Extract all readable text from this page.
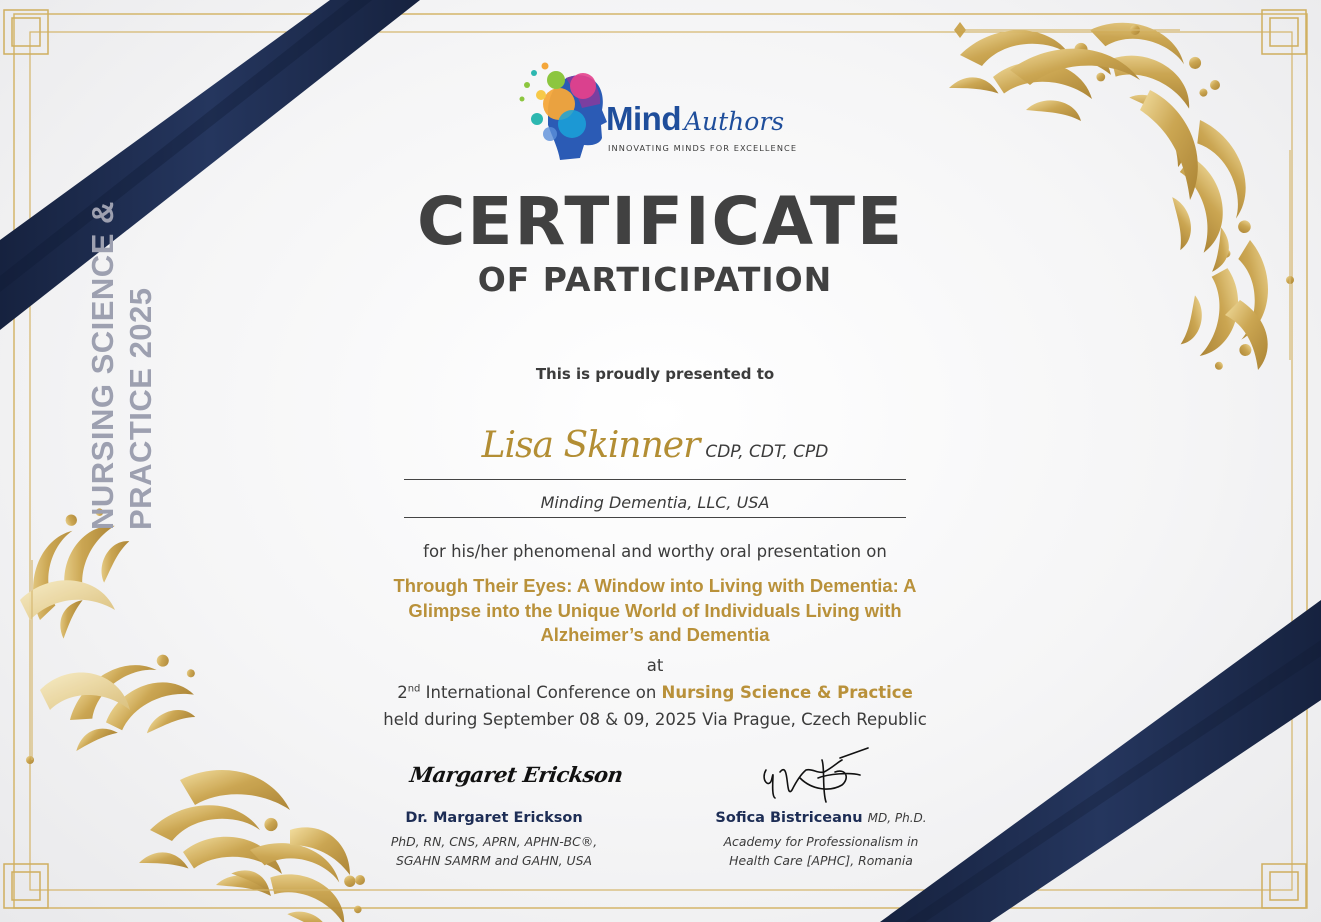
Mind Authors
INNOVATING MINDS FOR EXCELLENCE
NURSING SCIENCE & PRACTICE 2025
CERTIFICATE
OF PARTICIPATION
This is proudly presented to
Lisa Skinner CDP, CDT, CPD
Minding Dementia, LLC, USA
for his/her phenomenal and worthy oral presentation on
Through Their Eyes: A Window into Living with Dementia: A Glimpse into the Unique World of Individuals Living with Alzheimer’s and Dementia
at
2nd International Conference on Nursing Science & Practice
held during September 08 & 09, 2025 Via Prague, Czech Republic
Margaret Erickson
Dr. Margaret Erickson
PhD, RN, CNS, APRN, APHN-BC®,
SGAHN SAMRM and GAHN, USA
Sofica Bistriceanu MD, Ph.D.
Academy for Professionalism in
Health Care [APHC], Romania
